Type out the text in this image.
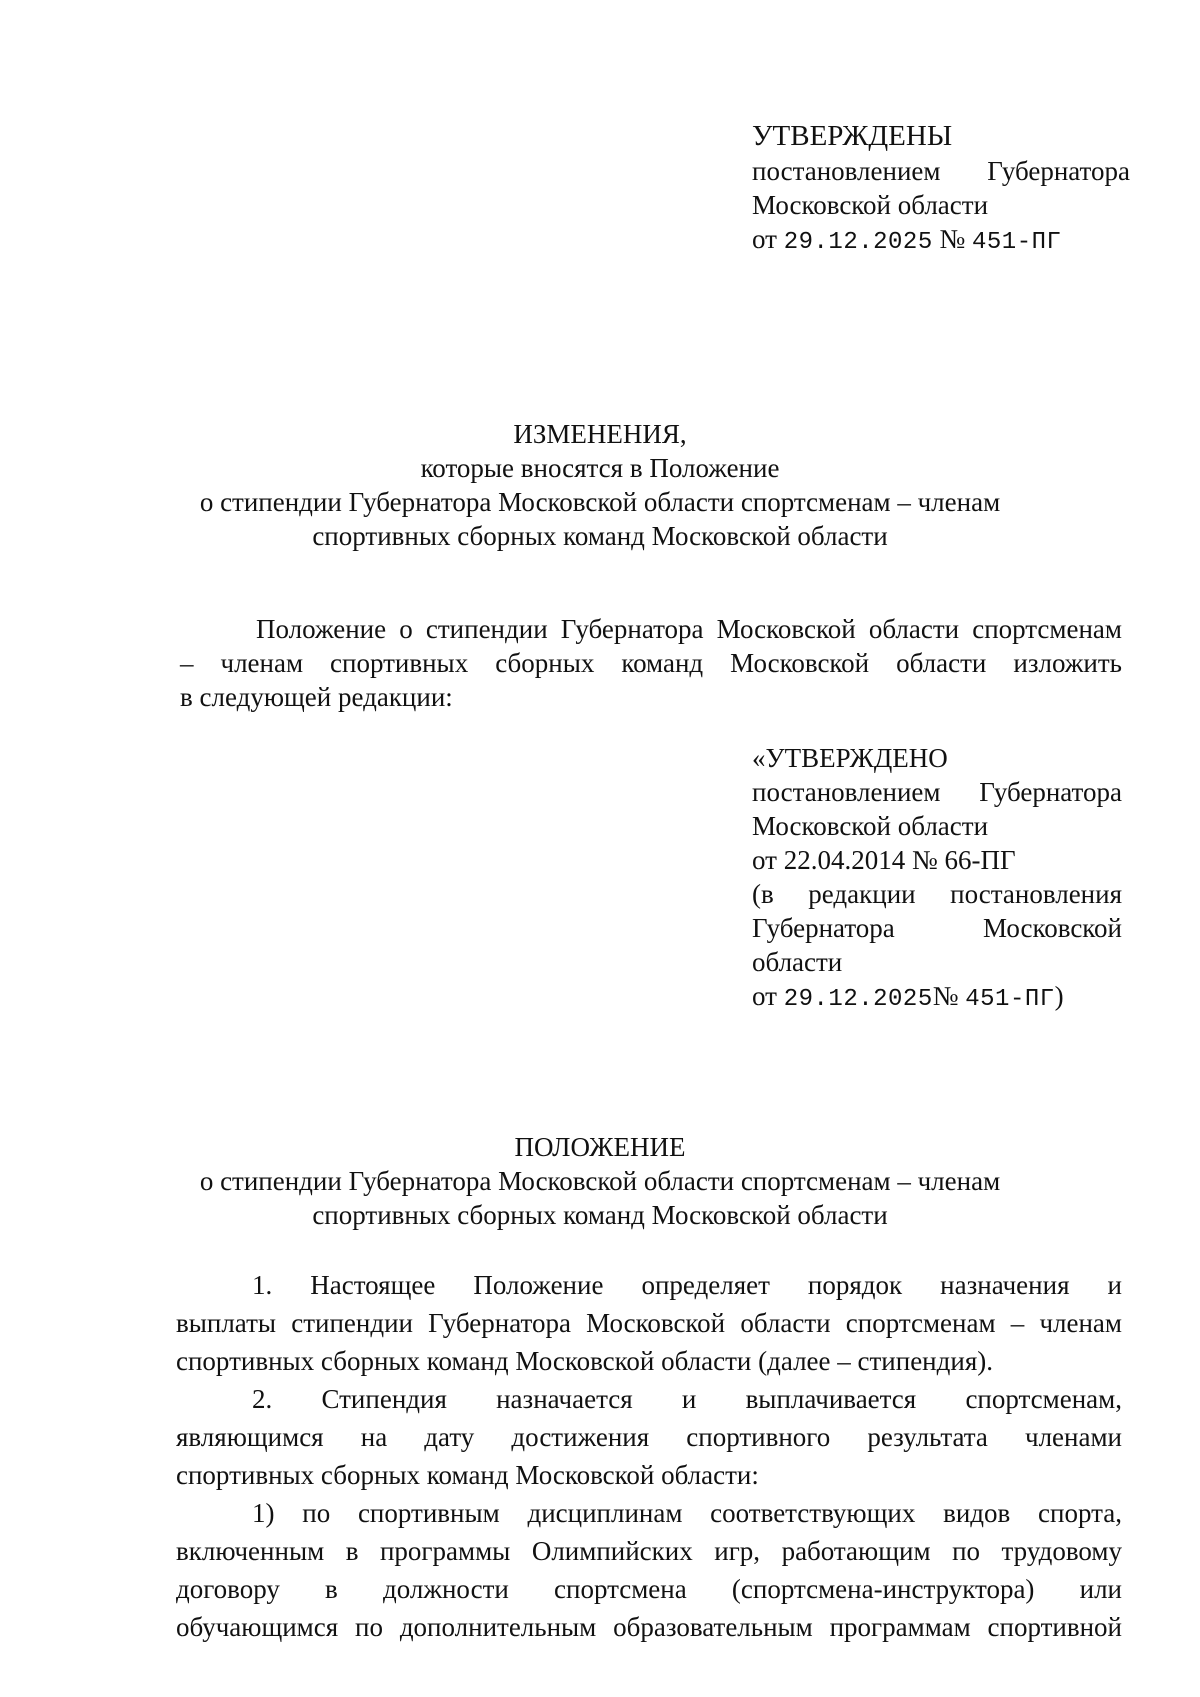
УТВЕРЖДЕНЫ
постановлением Губернатора
Московской области
от 29.12.2025 № 451-ПГ
ИЗМЕНЕНИЯ,
которые вносятся в Положение
о стипендии Губернатора Московской области спортсменам – членам
спортивных сборных команд Московской области
Положение о стипендии Губернатора Московской области спортсменам
– членам спортивных сборных команд Московской области изложить
в следующей редакции:
«УТВЕРЖДЕНО
постановлением Губернатора
Московской области
от 22.04.2014 № 66-ПГ
(в редакции постановления
Губернатора Московской
области
от 29.12.2025№ 451-ПГ)
ПОЛОЖЕНИЕ
о стипендии Губернатора Московской области спортсменам – членам
спортивных сборных команд Московской области
1. Настоящее Положение определяет порядок назначения и
выплаты стипендии Губернатора Московской области спортсменам – членам
спортивных сборных команд Московской области (далее – стипендия).
2. Стипендия назначается и выплачивается спортсменам,
являющимся на дату достижения спортивного результата членами
спортивных сборных команд Московской области:
1) по спортивным дисциплинам соответствующих видов спорта,
включенным в программы Олимпийских игр, работающим по трудовому
договору в должности спортсмена (спортсмена-инструктора) или
обучающимся по дополнительным образовательным программам спортивной
